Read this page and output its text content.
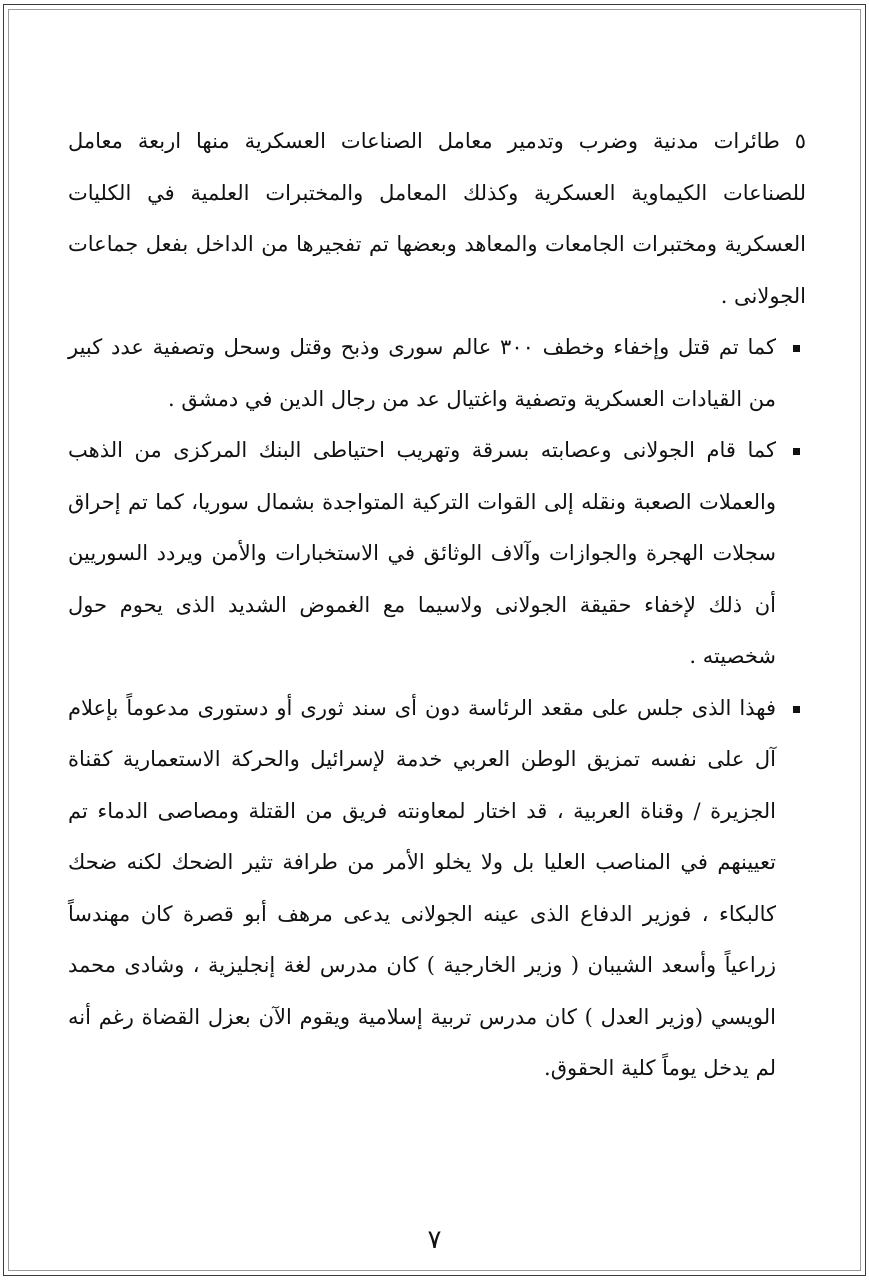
٥ طائرات مدنية وضرب وتدمير معامل الصناعات العسكرية منها اربعة معامل للصناعات الكيماوية العسكرية وكذلك المعامل والمختبرات العلمية في الكليات العسكرية ومختبرات الجامعات والمعاهد وبعضها تم تفجيرها من الداخل بفعل جماعات الجولانى .

كما تم قتل وإخفاء وخطف ٣٠٠ عالم سورى وذبح وقتل وسحل وتصفية عدد كبير من القيادات العسكرية وتصفية واغتيال عد من رجال الدين في دمشق .
كما قام الجولانى وعصابته بسرقة وتهريب احتياطى البنك المركزى من الذهب والعملات الصعبة ونقله إلى القوات التركية المتواجدة بشمال سوريا، كما تم إحراق سجلات الهجرة والجوازات وآلاف الوثائق في الاستخبارات والأمن ويردد السوريين أن ذلك لإخفاء حقيقة الجولانى ولاسيما مع الغموض الشديد الذى يحوم حول شخصيته .
فهذا الذى جلس على مقعد الرئاسة دون أى سند ثورى أو دستورى مدعوماً بإعلام آل على نفسه تمزيق الوطن العربي خدمة لإسرائيل والحركة الاستعمارية كقناة الجزيرة / وقناة العربية ، قد اختار لمعاونته فريق من القتلة ومصاصى الدماء تم تعيينهم في المناصب العليا بل ولا يخلو الأمر من طرافة تثير الضحك لكنه ضحك كالبكاء ، فوزير الدفاع الذى عينه الجولانى يدعى مرهف أبو قصرة كان مهندساً زراعياً وأسعد الشيبان ( وزير الخارجية ) كان مدرس لغة إنجليزية ، وشادى محمد الويسي (وزير العدل ) كان مدرس تربية إسلامية ويقوم الآن بعزل القضاة رغم أنه لم يدخل يوماً كلية الحقوق.
٧
